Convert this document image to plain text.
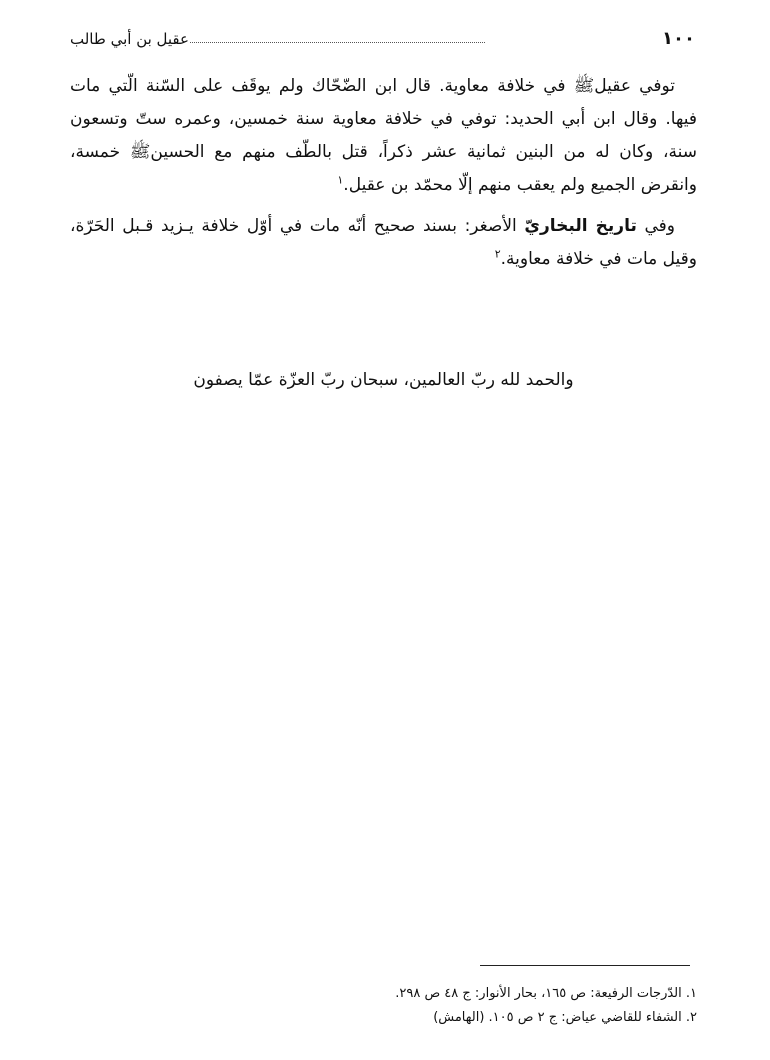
١٠٠
عقيل بن أبي طالب

توفي عقيلﷺ في خلافة معاوية. قال ابن الضّحّاك ولم يوقَف على السّنة الّتي مات فيها. وقال ابن أبي الحديد: توفي في خلافة معاوية سنة خمسين، وعمره ستّ وتسعون سنة، وكان له من البنين ثمانية عشر ذكراً، قتل بالطّف منهم مع الحسينﷺ خمسة، وانقرض الجميع ولم يعقب منهم إلّا محمّد بن عقيل.$^١$

وفي تاريخ البخاريّ الأصغر: بسند صحيح أنّه مات في أوّل خلافة يـزيد قـبل الحَرّة، وقيل مات في خلافة معاوية.$^٢$

والحمد لله ربّ العالمين، سبحان ربّ العزّة عمّا يصفون
١. الدّرجات الرفيعة: ص ١٦٥، بحار الأنوار: ج ٤٨ ص ٢٩٨.
٢. الشفاء للقاضي عياض: ج ٢ ص ١٠٥. (الهامش)
